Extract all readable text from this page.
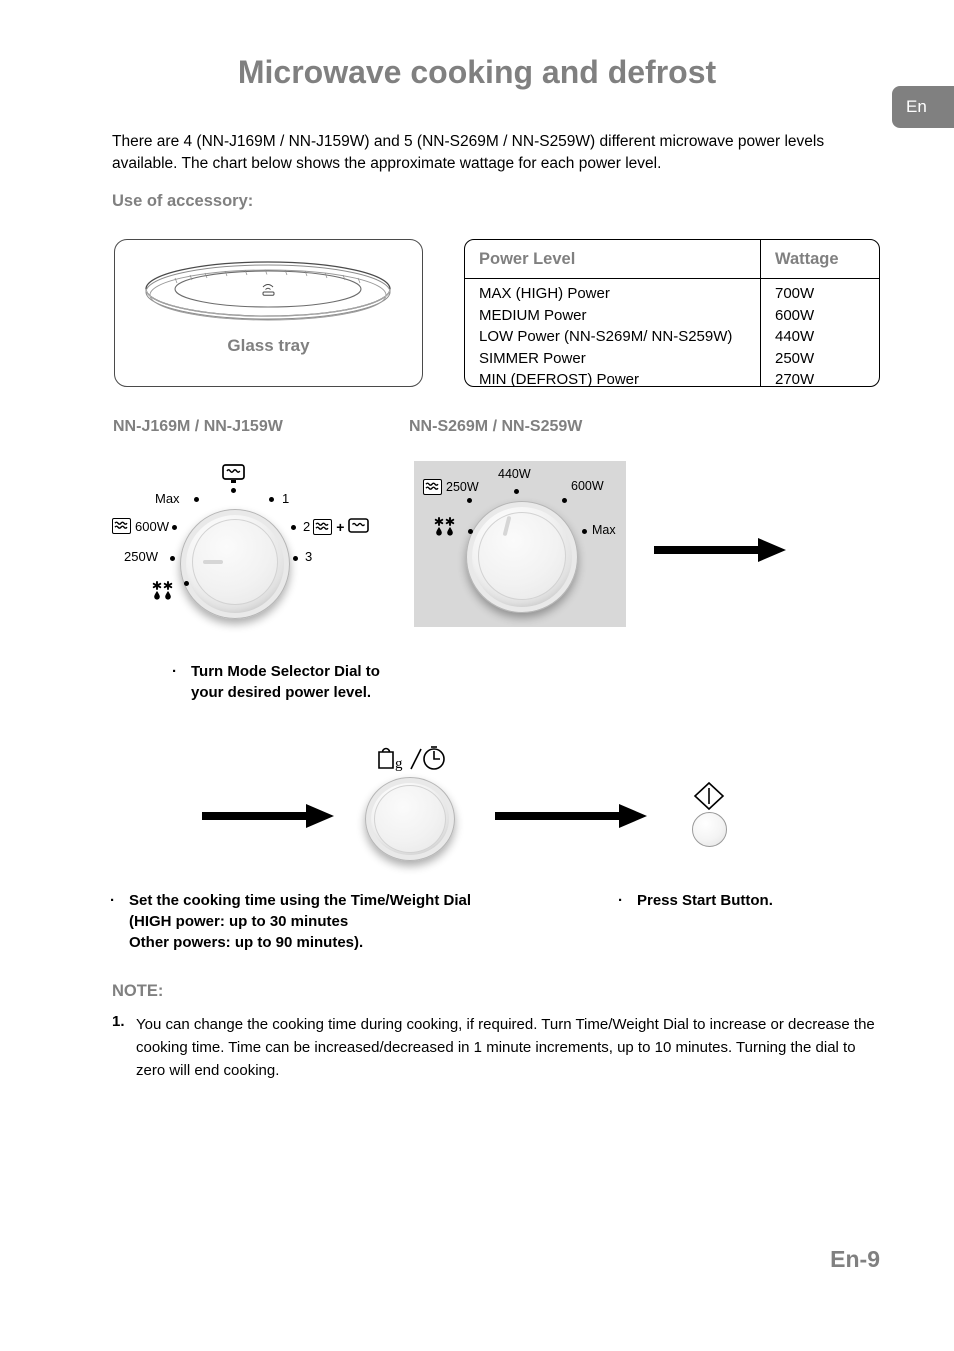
En
Microwave cooking and defrost
There are 4 (NN-J169M / NN-J159W) and 5 (NN-S269M / NN-S259W) different microwave power levels available. The chart below shows the approximate wattage for each power level.
Use of accessory:
Glass tray
Power Level	Wattage
MAX (HIGH) Power	700W
MEDIUM Power	600W
LOW Power (NN-S269M/ NN-S259W)	440W
SIMMER Power	250W
MIN (DEFROST) Power	270W
NN-J169M / NN-J159W	NN-S269M / NN-S259W
Max	1
600W	2 +
250W	3
250W
440W
600W
Max
· Turn Mode Selector Dial to
your desired power level.
g
· Set the cooking time using the Time/Weight Dial
(HIGH power: up to 30 minutes
Other powers: up to 90 minutes).
· Press Start Button.
NOTE:
1. You can change the cooking time during cooking, if required. Turn Time/Weight Dial to increase or decrease the cooking time. Time can be increased/decreased in 1 minute increments, up to 10 minutes. Turning the dial to zero will end cooking.
En-9
